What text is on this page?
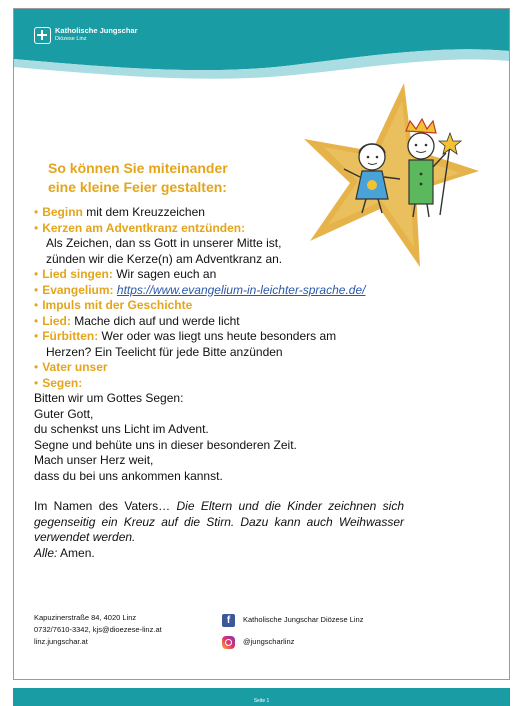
Katholische Jungschar
Diözese Linz
So können Sie miteinander
eine kleine Feier gestalten:
• Beginn mit dem Kreuzzeichen
• Kerzen am Adventkranz entzünden:
Als Zeichen, dan ss Gott in unserer Mitte ist,
zünden wir die Kerze(n) am Adventkranz an.
• Lied singen: Wir sagen euch an
• Evangelium: https://www.evangelium-in-leichter-sprache.de/
• Impuls mit der Geschichte
• Lied: Mache dich auf und werde licht
• Fürbitten: Wer oder was liegt uns heute besonders am
Herzen? Ein Teelicht für jede Bitte anzünden
• Vater unser
• Segen:
Bitten wir um Gottes Segen:
Guter Gott,
du schenkst uns Licht im Advent.
Segne und behüte uns in dieser besonderen Zeit.
Mach unser Herz weit,
dass du bei uns ankommen kannst.
Im Namen des Vaters… Die Eltern und die Kinder zeichnen sich gegenseitig ein Kreuz auf die Stirn. Dazu kann auch Weihwasser verwendet werden.
Alle: Amen.
Kapuzinerstraße 84, 4020 Linz
0732/7610-3342, kjs@dioezese-linz.at
linz.jungschar.at
f	Katholische Jungschar Diözese Linz
@jungscharlinz
Seite 1
